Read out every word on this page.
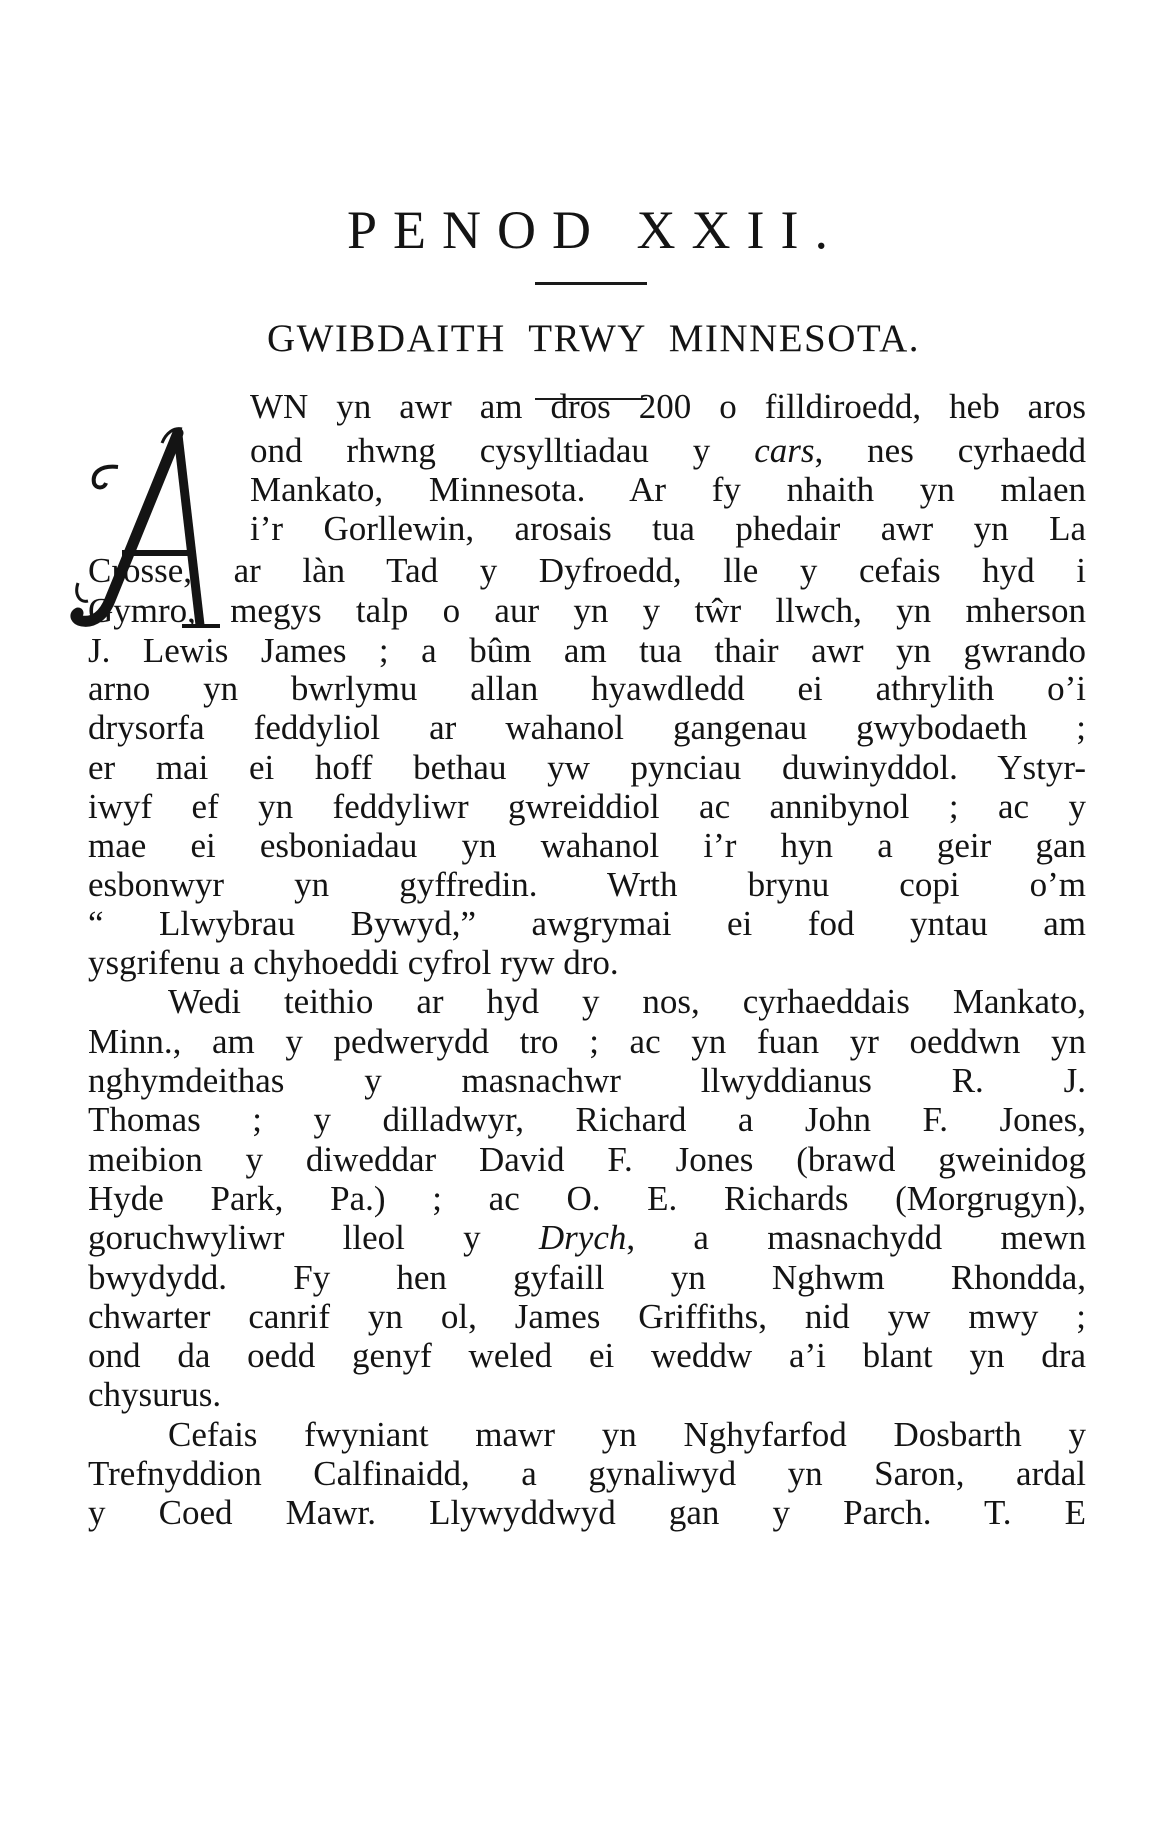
PENOD XXII.
GWIBDAITH TRWY MINNESOTA.
WN yn awr am dros 200 o filldiroedd, heb aros
ond rhwng cysylltiadau y cars, nes cyrhaedd
Mankato, Minnesota. Ar fy nhaith yn mlaen
i’r Gorllewin, arosais tua phedair awr yn La
Crosse, ar làn Tad y Dyfroedd, lle y cefais hyd i
Gymro, megys talp o aur yn y tŵr llwch, yn mherson
J. Lewis James ; a bûm am tua thair awr yn gwrando
arno yn bwrlymu allan hyawdledd ei athrylith o’i
drysorfa feddyliol ar wahanol gangenau gwybodaeth ;
er mai ei hoff bethau yw pynciau duwinyddol. Ystyr-
iwyf ef yn feddyliwr gwreiddiol ac annibynol ; ac y
mae ei esboniadau yn wahanol i’r hyn a geir gan
esbonwyr yn gyffredin. Wrth brynu copi o’m
“ Llwybrau Bywyd,” awgrymai ei fod yntau am
ysgrifenu a chyhoeddi cyfrol ryw dro.
Wedi teithio ar hyd y nos, cyrhaeddais Mankato,
Minn., am y pedwerydd tro ; ac yn fuan yr oeddwn yn
nghymdeithas y masnachwr llwyddianus R. J.
Thomas ; y dilladwyr, Richard a John F. Jones,
meibion y diweddar David F. Jones (brawd gweinidog
Hyde Park, Pa.) ; ac O. E. Richards (Morgrugyn),
goruchwyliwr lleol y Drych, a masnachydd mewn
bwydydd. Fy hen gyfaill yn Nghwm Rhondda,
chwarter canrif yn ol, James Griffiths, nid yw mwy ;
ond da oedd genyf weled ei weddw a’i blant yn dra
chysurus.
Cefais fwyniant mawr yn Nghyfarfod Dosbarth y
Trefnyddion Calfinaidd, a gynaliwyd yn Saron, ardal
y Coed Mawr. Llywyddwyd gan y Parch. T. E
